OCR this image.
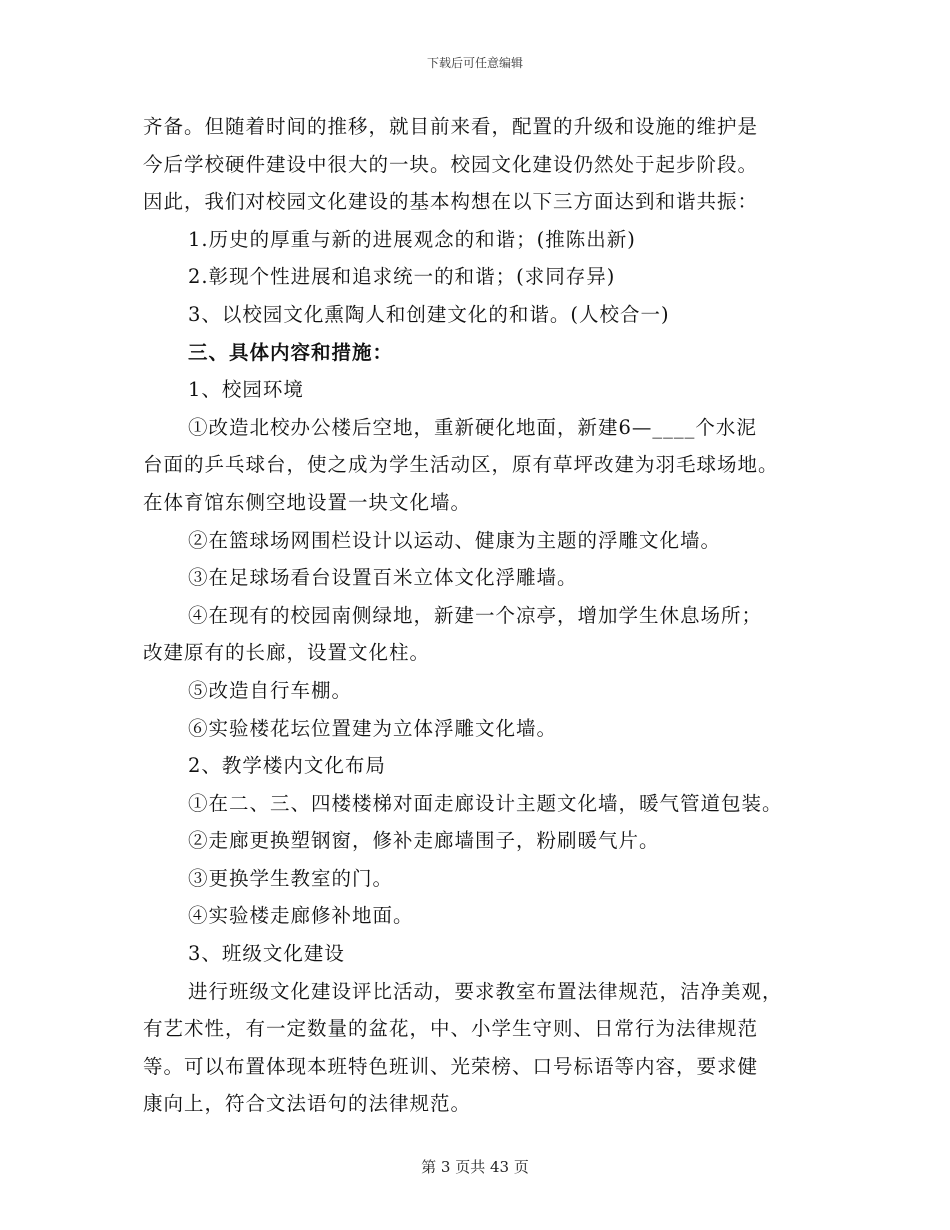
下载后可任意编辑
齐备。但随着时间的推移，就目前来看，配置的升级和设施的维护是
今后学校硬件建设中很大的一块。校园文化建设仍然处于起步阶段。
因此，我们对校园文化建设的基本构想在以下三方面达到和谐共振：
1.历史的厚重与新的进展观念的和谐；(推陈出新)
2.彰现个性进展和追求统一的和谐；(求同存异)
3、以校园文化熏陶人和创建文化的和谐。(人校合一)
三、具体内容和措施：
1、校园环境
①改造北校办公楼后空地，重新硬化地面，新建6—____个水泥
台面的乒乓球台，使之成为学生活动区，原有草坪改建为羽毛球场地。
在体育馆东侧空地设置一块文化墙。
②在篮球场网围栏设计以运动、健康为主题的浮雕文化墙。
③在足球场看台设置百米立体文化浮雕墙。
④在现有的校园南侧绿地，新建一个凉亭，增加学生休息场所；
改建原有的长廊，设置文化柱。
⑤改造自行车棚。
⑥实验楼花坛位置建为立体浮雕文化墙。
2、教学楼内文化布局
①在二、三、四楼楼梯对面走廊设计主题文化墙，暖气管道包装。
②走廊更换塑钢窗，修补走廊墙围子，粉刷暖气片。
③更换学生教室的门。
④实验楼走廊修补地面。
3、班级文化建设
进行班级文化建设评比活动，要求教室布置法律规范，洁净美观，
有艺术性，有一定数量的盆花，中、小学生守则、日常行为法律规范
等。可以布置体现本班特色班训、光荣榜、口号标语等内容，要求健
康向上，符合文法语句的法律规范。
第 3 页共 43 页
